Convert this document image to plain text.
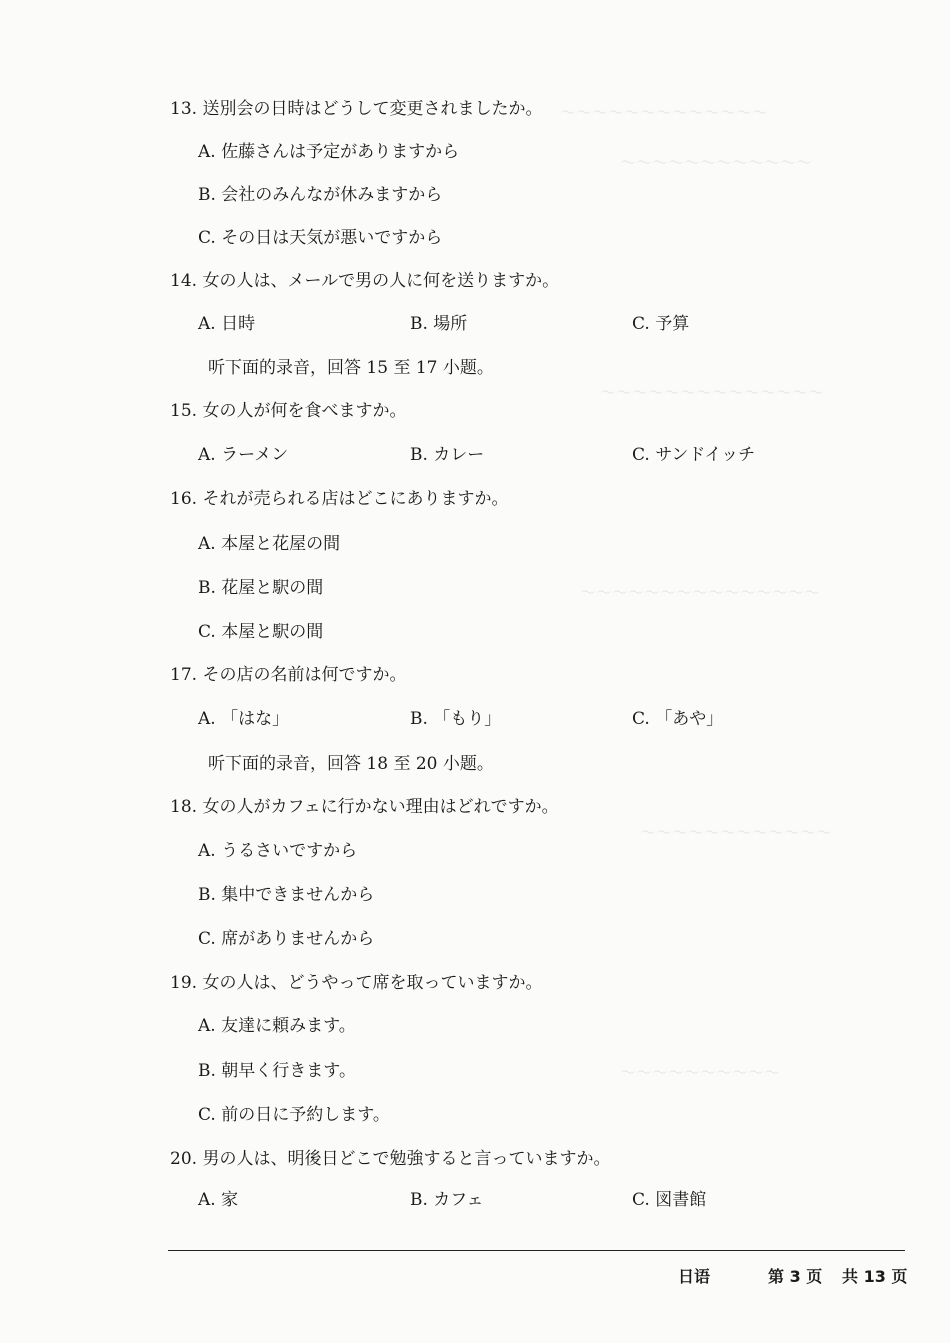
〜〜〜〜〜〜〜〜〜〜〜〜〜
〜〜〜〜〜〜〜〜〜〜〜〜
〜〜〜〜〜〜〜〜〜〜〜〜〜〜
〜〜〜〜〜〜〜〜〜〜〜〜〜〜〜
〜〜〜〜〜〜〜〜〜〜〜〜
〜〜〜〜〜〜〜〜〜〜
13. 送別会の日時はどうして変更されましたか。
A. 佐藤さんは予定がありますから
B. 会社のみんなが休みますから
C. その日は天気が悪いですから
14. 女の人は、メールで男の人に何を送りますか。
A. 日時	B. 場所	C. 予算
听下面的录音，回答 15 至 17 小题。
15. 女の人が何を食べますか。
A. ラーメン	B. カレー	C. サンドイッチ
16. それが売られる店はどこにありますか。
A. 本屋と花屋の間
B. 花屋と駅の間
C. 本屋と駅の間
17. その店の名前は何ですか。
A. 「はな」	B. 「もり」	C. 「あや」
听下面的录音，回答 18 至 20 小题。
18. 女の人がカフェに行かない理由はどれですか。
A. うるさいですから
B. 集中できませんから
C. 席がありませんから
19. 女の人は、どうやって席を取っていますか。
A. 友達に頼みます。
B. 朝早く行きます。
C. 前の日に予約します。
20. 男の人は、明後日どこで勉強すると言っていますか。
A. 家	B. カフェ	C. 図書館
日语	第 3 页 共 13 页
